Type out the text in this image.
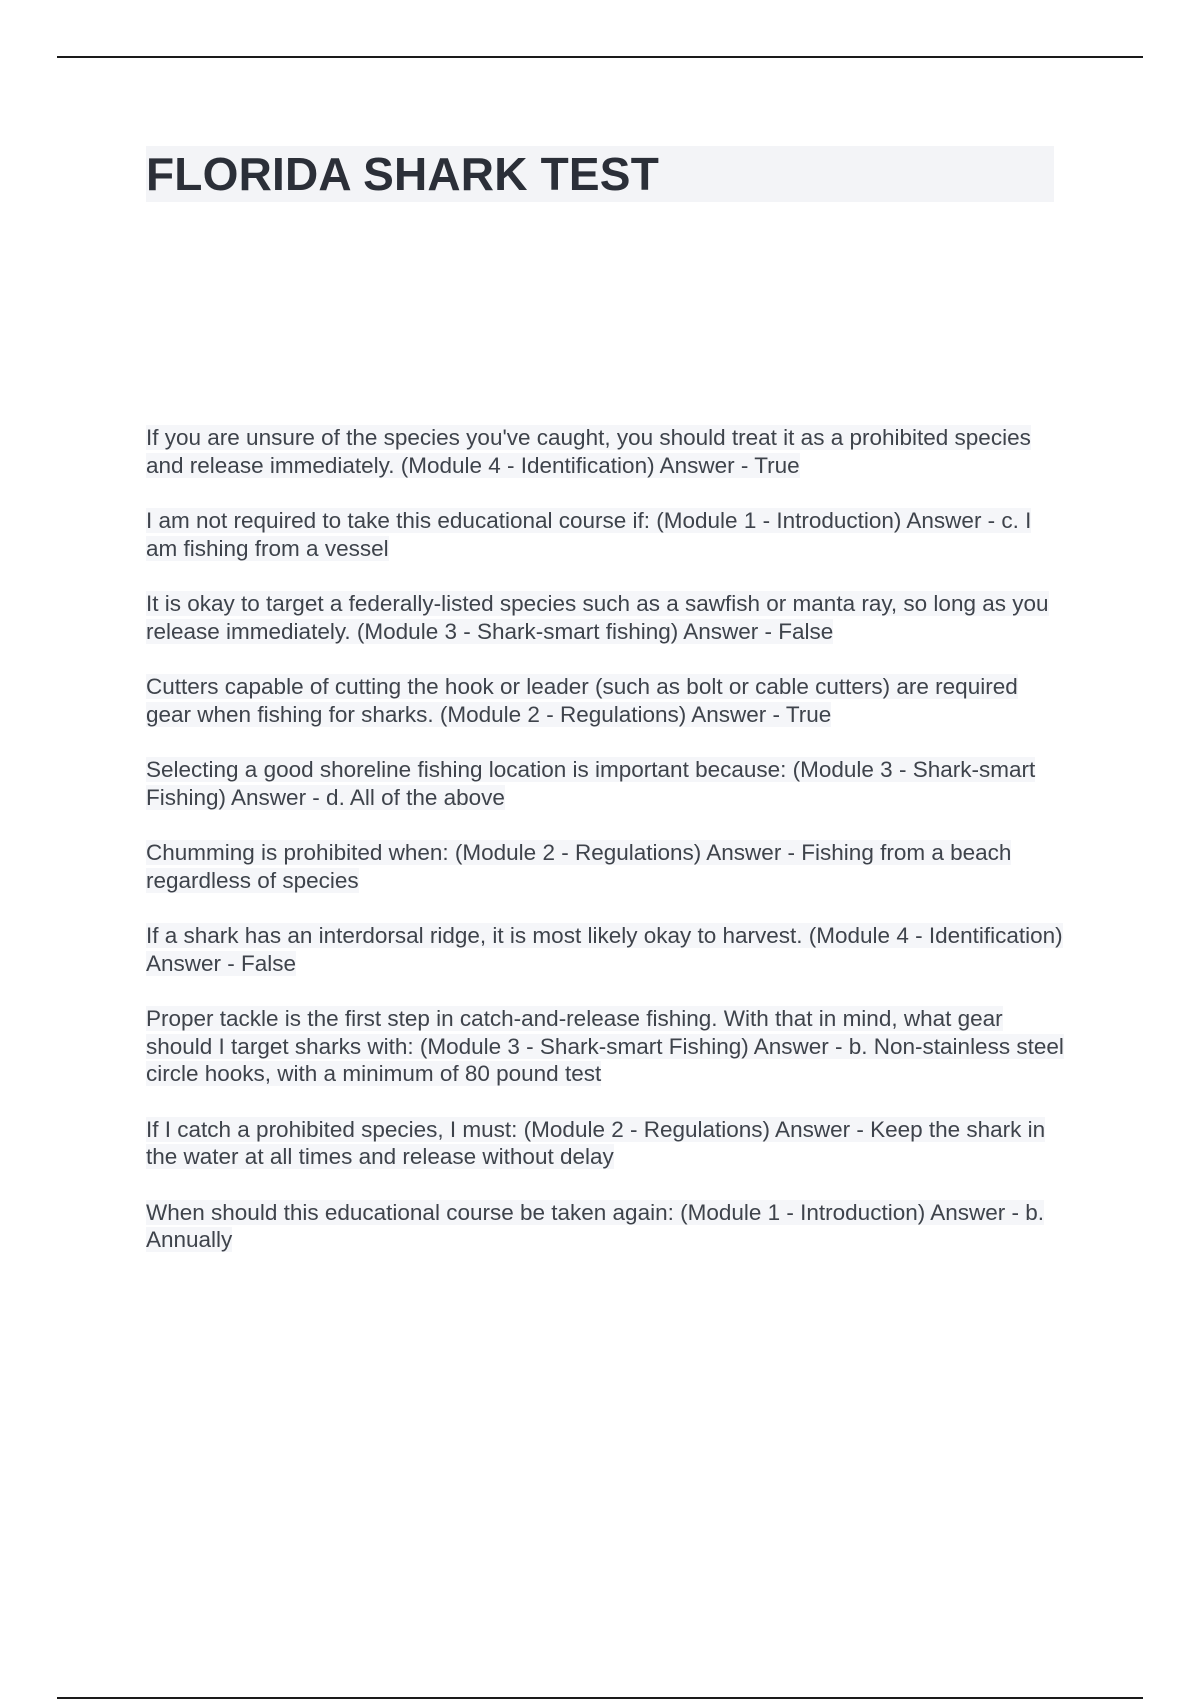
FLORIDA SHARK TEST
If you are unsure of the species you've caught, you should treat it as a prohibited species and release immediately. (Module 4 - Identification) Answer - True
I am not required to take this educational course if: (Module 1 - Introduction) Answer - c. I am fishing from a vessel
It is okay to target a federally-listed species such as a sawfish or manta ray, so long as you release immediately. (Module 3 - Shark-smart fishing) Answer - False
Cutters capable of cutting the hook or leader (such as bolt or cable cutters) are required gear when fishing for sharks. (Module 2 - Regulations) Answer - True
Selecting a good shoreline fishing location is important because: (Module 3 - Shark-smart Fishing) Answer - d. All of the above
Chumming is prohibited when: (Module 2 - Regulations) Answer - Fishing from a beach regardless of species
If a shark has an interdorsal ridge, it is most likely okay to harvest. (Module 4 - Identification) Answer - False
Proper tackle is the first step in catch-and-release fishing. With that in mind, what gear should I target sharks with: (Module 3 - Shark-smart Fishing) Answer - b. Non-stainless steel circle hooks, with a minimum of 80 pound test
If I catch a prohibited species, I must: (Module 2 - Regulations) Answer - Keep the shark in the water at all times and release without delay
When should this educational course be taken again: (Module 1 - Introduction) Answer - b. Annually
